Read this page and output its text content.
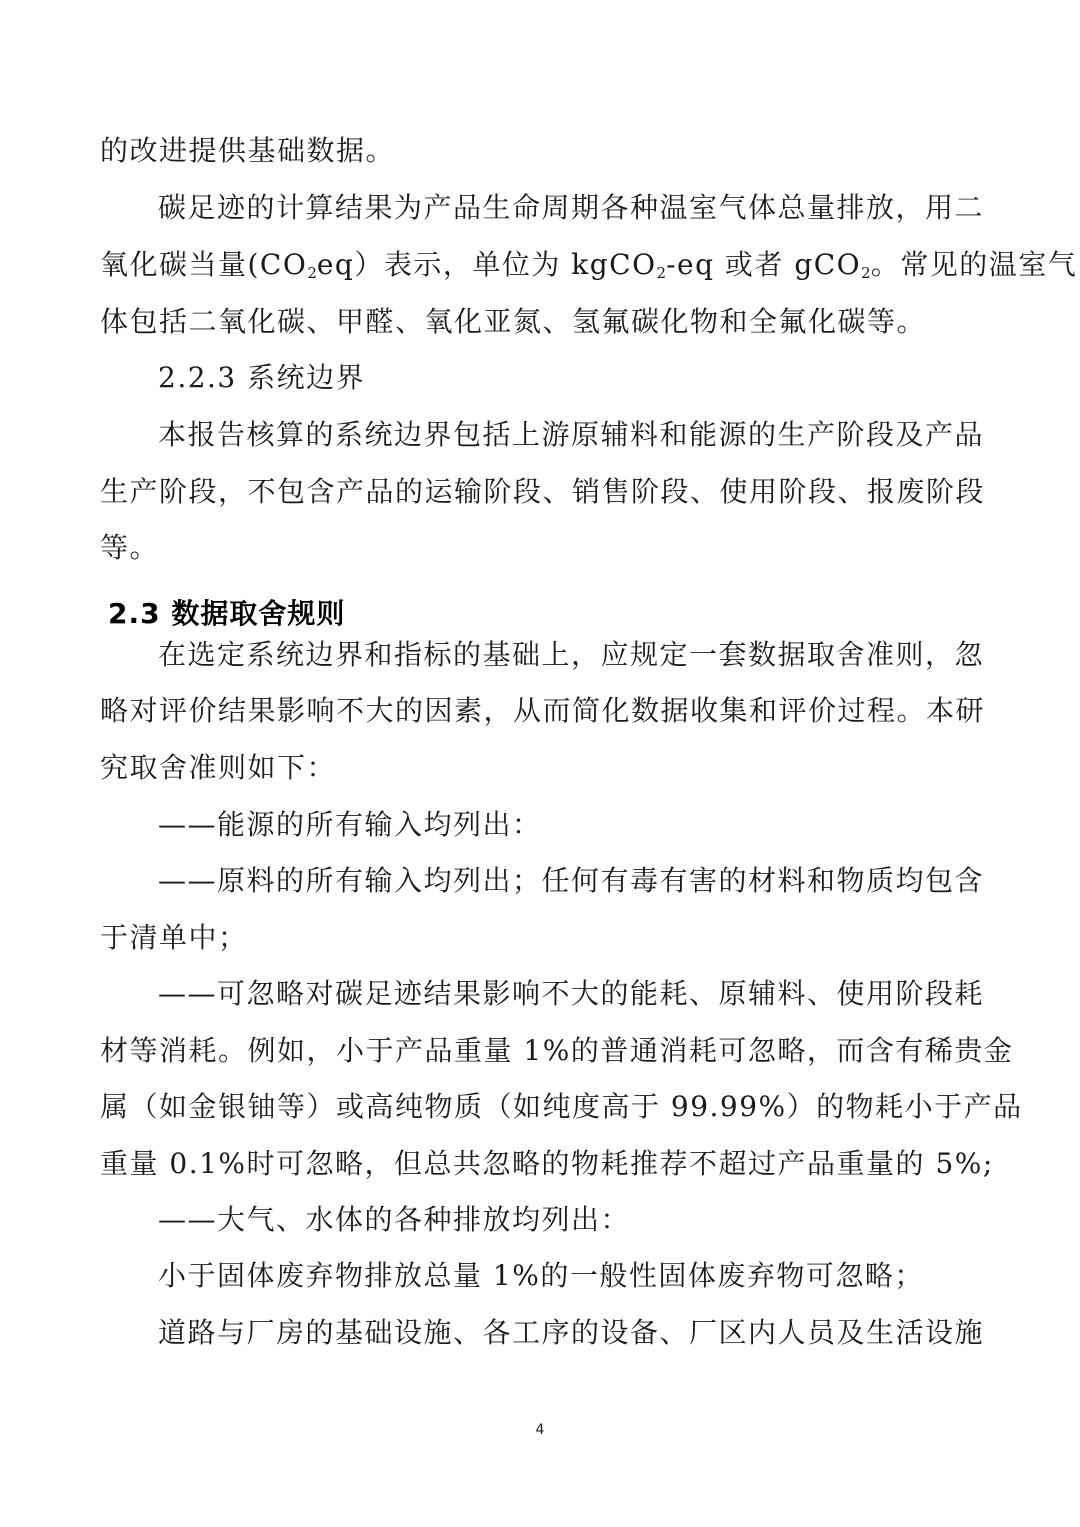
的改进提供基础数据。
碳足迹的计算结果为产品生命周期各种温室气体总量排放，用二
氧化碳当量$(CO_2eq)$表示，单位为 kgCO$_2$-eq 或者 gCO$_2$。常见的温室气
体包括二氧化碳、甲醛、氧化亚氮、氢氟碳化物和全氟化碳等。
2.2.3 系统边界
本报告核算的系统边界包括上游原辅料和能源的生产阶段及产品
生产阶段，不包含产品的运输阶段、销售阶段、使用阶段、报废阶段
等。
2.3 数据取舍规则
在选定系统边界和指标的基础上，应规定一套数据取舍准则，忽
略对评价结果影响不大的因素，从而简化数据收集和评价过程。本研
究取舍准则如下：
——能源的所有输入均列出：
——原料的所有输入均列出；任何有毒有害的材料和物质均包含
于清单中；
——可忽略对碳足迹结果影响不大的能耗、原辅料、使用阶段耗
材等消耗。例如，小于产品重量 1%的普通消耗可忽略，而含有稀贵金
属（如金银铀等）或高纯物质（如纯度高于 99.99%）的物耗小于产品
重量 0.1%时可忽略，但总共忽略的物耗推荐不超过产品重量的 5%;
——大气、水体的各种排放均列出：
小于固体废弃物排放总量 1%的一般性固体废弃物可忽略；
道路与厂房的基础设施、各工序的设备、厂区内人员及生活设施
4
